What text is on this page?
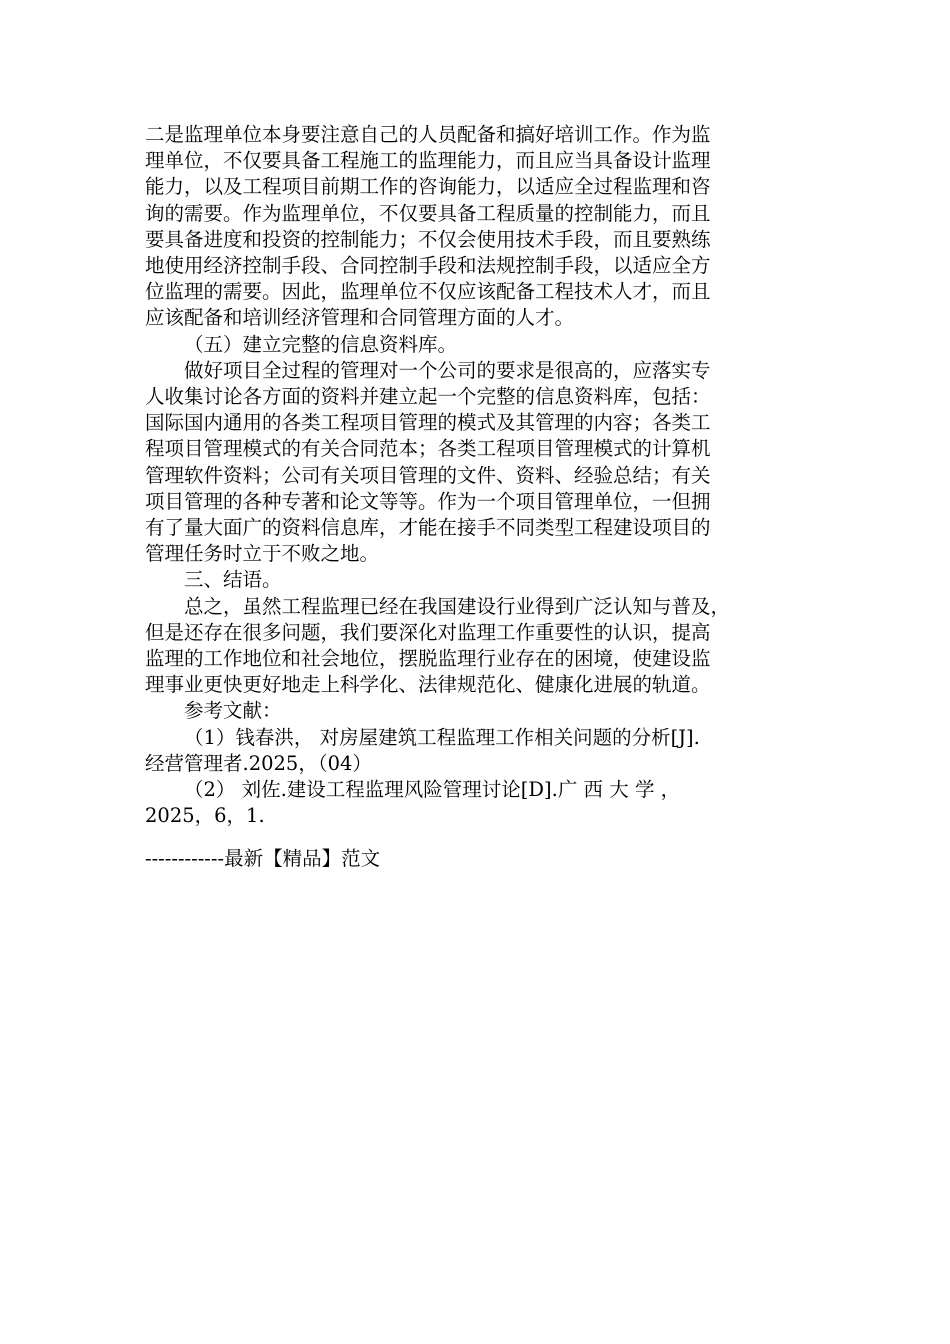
二是监理单位本身要注意自己的人员配备和搞好培训工作。作为监
理单位，不仅要具备工程施工的监理能力，而且应当具备设计监理
能力，以及工程项目前期工作的咨询能力，以适应全过程监理和咨
询的需要。作为监理单位，不仅要具备工程质量的控制能力，而且
要具备进度和投资的控制能力；不仅会使用技术手段，而且要熟练
地使用经济控制手段、合同控制手段和法规控制手段，以适应全方
位监理的需要。因此，监理单位不仅应该配备工程技术人才，而且
应该配备和培训经济管理和合同管理方面的人才。

（五）建立完整的信息资料库。

做好项目全过程的管理对一个公司的要求是很高的，应落实专
人收集讨论各方面的资料并建立起一个完整的信息资料库，包括：
国际国内通用的各类工程项目管理的模式及其管理的内容；各类工
程项目管理模式的有关合同范本；各类工程项目管理模式的计算机
管理软件资料；公司有关项目管理的文件、资料、经验总结；有关
项目管理的各种专著和论文等等。作为一个项目管理单位，一但拥
有了量大面广的资料信息库，才能在接手不同类型工程建设项目的
管理任务时立于不败之地。

三、结语。

总之，虽然工程监理已经在我国建设行业得到广泛认知与普及，
但是还存在很多问题，我们要深化对监理工作重要性的认识，提高
监理的工作地位和社会地位，摆脱监理行业存在的困境，使建设监
理事业更快更好地走上科学化、法律规范化、健康化进展的轨道。

参考文献：

（1）钱春洪， 对房屋建筑工程监理工作相关问题的分析[J].
经营管理者.2025，（04）
（2） 刘佐.建设工程监理风险管理讨论[D].广 西 大 学 ，
2025，6，1.
------------最新【精品】范文
